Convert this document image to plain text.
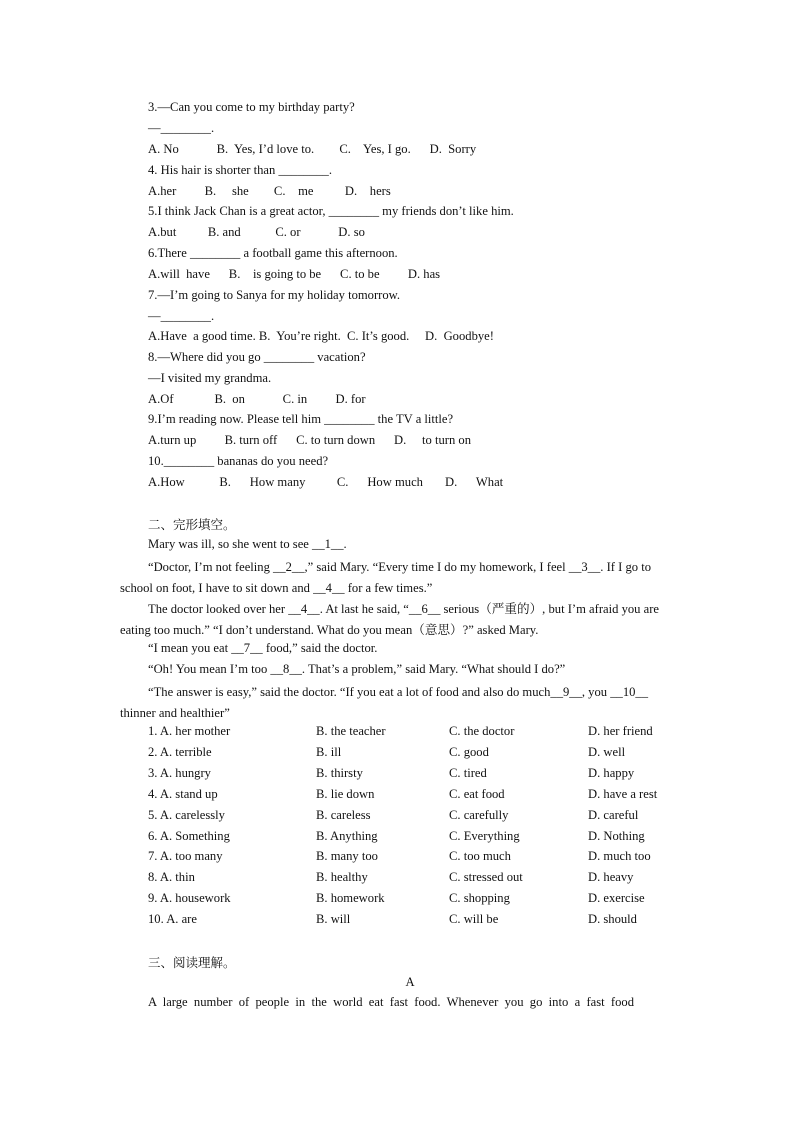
3.—Can you come to my birthday party?
—________.
A. No            B.  Yes, I’d love to.        C.    Yes, I go.      D.  Sorry
4. His hair is shorter than ________.
A.her         B.     she        C.    me          D.    hers
5.I think Jack Chan is a great actor, ________ my friends don’t like him.
A.but          B. and           C. or            D. so
6.There ________ a football game this afternoon.
A.will  have      B.    is going to be      C. to be         D. has
7.—I’m going to Sanya for my holiday tomorrow.
—________.
A.Have  a good time. B.  You’re right.  C. It’s good.     D.  Goodbye!
8.—Where did you go ________ vacation?
—I visited my grandma.
A.Of             B.  on            C. in         D. for
9.I’m reading now. Please tell him ________ the TV a little?
A.turn up         B. turn off      C. to turn down      D.     to turn on
10.________ bananas do you need?
A.How           B.      How many          C.      How much       D.      What
二、完形填空。
Mary was ill, so she went to see __1__.
“Doctor, I’m not feeling __2__,” said Mary. “Every time I do my homework, I feel __3__. If I go to school on foot, I have to sit down and __4__ for a few times.”
The doctor looked over her __4__. At last he said, “__6__ serious（严重的）, but I’m afraid you are eating too much.” “I don’t understand. What do you mean（意思）?” asked Mary.
“I mean you eat __7__ food,” said the doctor.
“Oh! You mean I’m too __8__. That’s a problem,” said Mary. “What should I do?”
“The answer is easy,” said the doctor. “If you eat a lot of food and also do much__9__, you __10__ thinner and healthier”
1. A. her mother	B. the teacher	C. the doctor	D. her friend
2. A. terrible	B. ill	C. good	D. well
3. A. hungry	B. thirsty	C. tired	D. happy
4. A. stand up	B. lie down	C. eat food	D. have a rest
5. A. carelessly	B. careless	C. carefully	D. careful
6. A. Something	B. Anything	C. Everything	D. Nothing
7. A. too many	B. many too	C. too much	D. much too
8. A. thin	B. healthy	C. stressed out	D. heavy
9. A. housework	B. homework	C. shopping	D. exercise
10. A. are	B. will	C. will be	D. should
三、阅读理解。
A
A  large  number  of  people  in  the  world  eat  fast  food.  Whenever  you  go  into  a  fast  food
